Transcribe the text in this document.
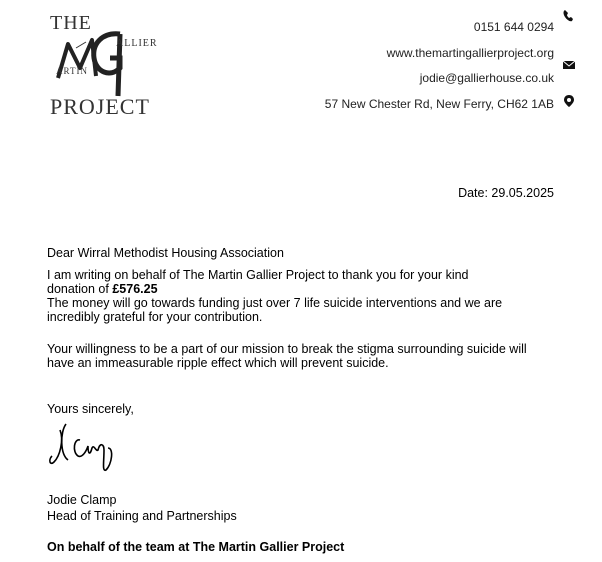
THE
ALLIER
ARTIN
PROJECT
0151 644 0294
www.themartingallierproject.org
jodie@gallierhouse.co.uk
57 New Chester Rd, New Ferry, CH62 1AB
Date: 29.05.2025
Dear Wirral Methodist Housing Association
I am writing on behalf of The Martin Gallier Project to thank you for your kind
donation of £576.25
The money will go towards funding just over 7 life suicide interventions and we are
incredibly grateful for your contribution.
Your willingness to be a part of our mission to break the stigma surrounding suicide will
have an immeasurable ripple effect which will prevent suicide.
Yours sincerely,
Jodie Clamp
Head of Training and Partnerships
On behalf of the team at The Martin Gallier Project
